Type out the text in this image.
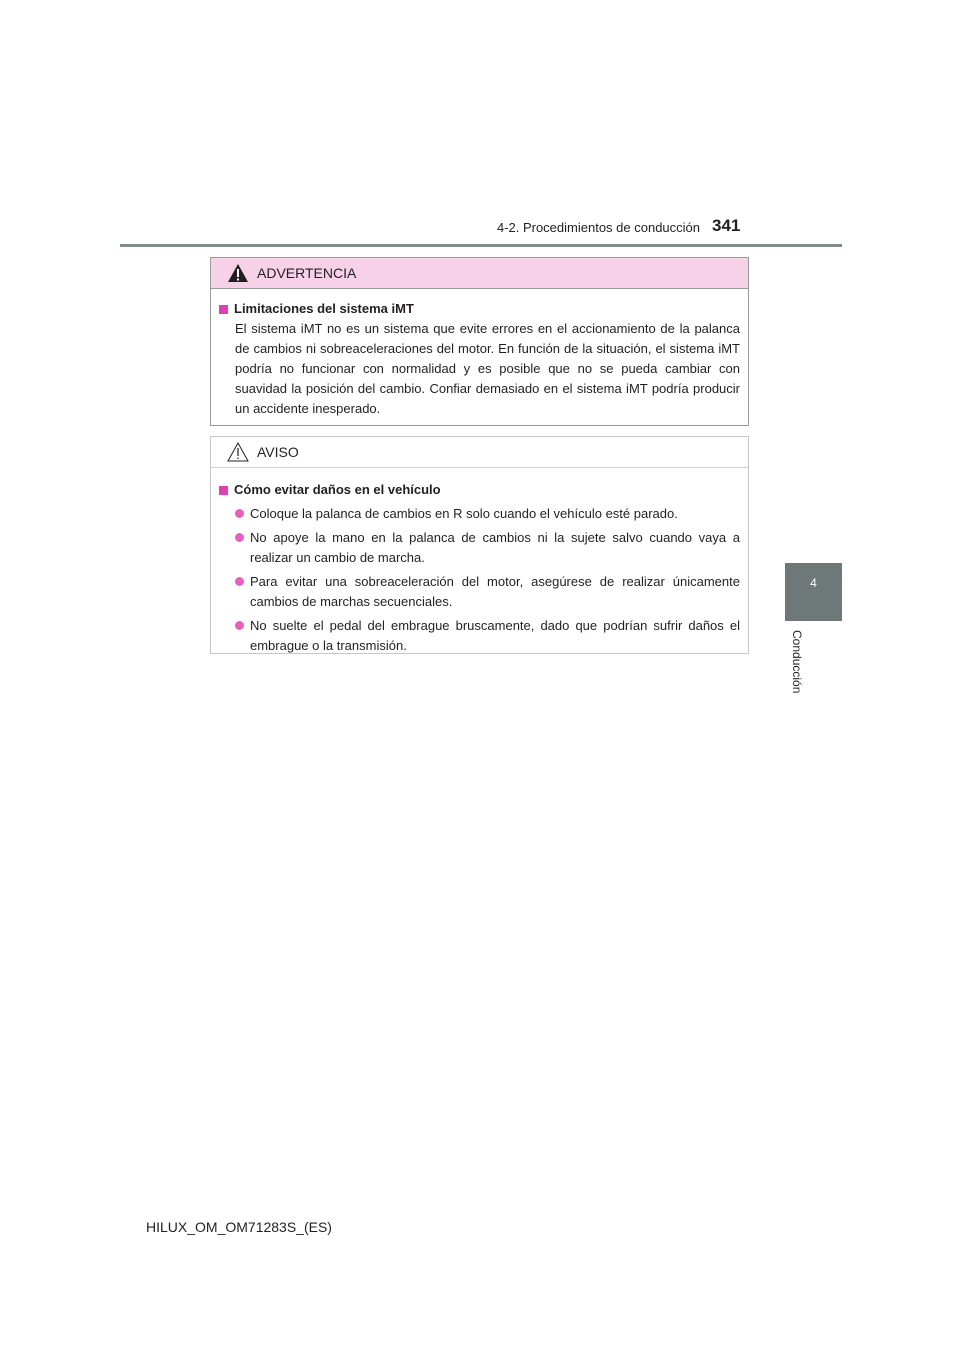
4-2. Procedimientos de conducción 341
4
Conducción
ADVERTENCIA
Limitaciones del sistema iMT
El sistema iMT no es un sistema que evite errores en el accionamiento de la palanca de cambios ni sobreaceleraciones del motor. En función de la situación, el sistema iMT podría no funcionar con normalidad y es posible que no se pueda cambiar con suavidad la posición del cambio. Confiar demasiado en el sistema iMT podría producir un accidente inesperado.
AVISO
Cómo evitar daños en el vehículo
Coloque la palanca de cambios en R solo cuando el vehículo esté parado.
No apoye la mano en la palanca de cambios ni la sujete salvo cuando vaya a realizar un cambio de marcha.
Para evitar una sobreaceleración del motor, asegúrese de realizar únicamente cambios de marchas secuenciales.
No suelte el pedal del embrague bruscamente, dado que podrían sufrir daños el embrague o la transmisión.
HILUX_OM_OM71283S_(ES)
